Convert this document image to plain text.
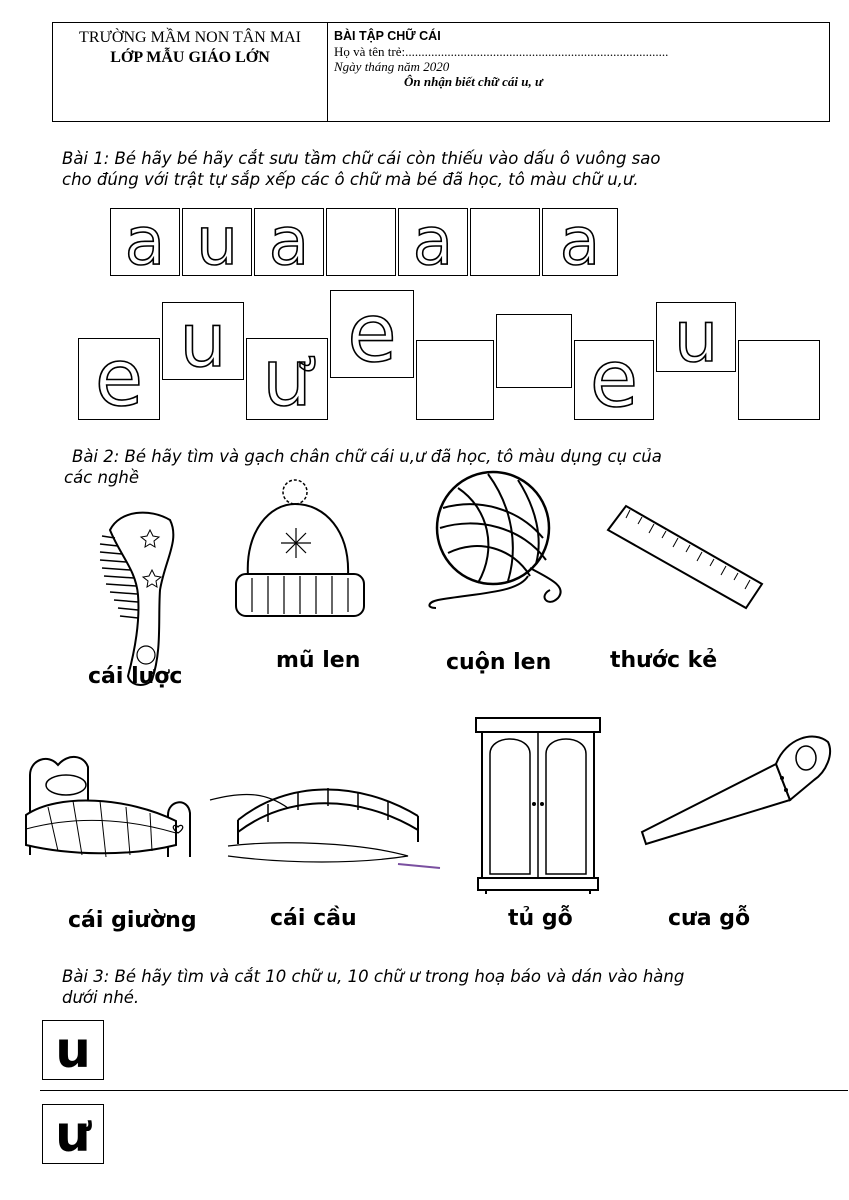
TRƯỜNG MẦM NON TÂN MAI
LỚP MẪU GIÁO LỚN
BÀI TẬP CHỮ CÁI
Họ và tên trẻ:.................................................................................
Ngày tháng năm 2020
Ôn nhận biết chữ cái u, ư
Bài 1: Bé hãy bé hãy cắt sưu tầm chữ cái còn thiếu vào dấu ô vuông sao
cho đúng với trật tự sắp xếp các ô chữ mà bé đã học, tô màu chữ u,ư.
a u a a a
e u ư e e u
Bài 2: Bé hãy tìm và gạch chân chữ cái u,ư đã học, tô màu dụng cụ của
các nghề
cái lược
mũ len	cuộn len	thước kẻ
cái giường	cái cầu	tủ gỗ	cưa gỗ
Bài 3: Bé hãy tìm và cắt 10 chữ u, 10 chữ ư trong hoạ báo và dán vào hàng
dưới nhé.
u
ư
